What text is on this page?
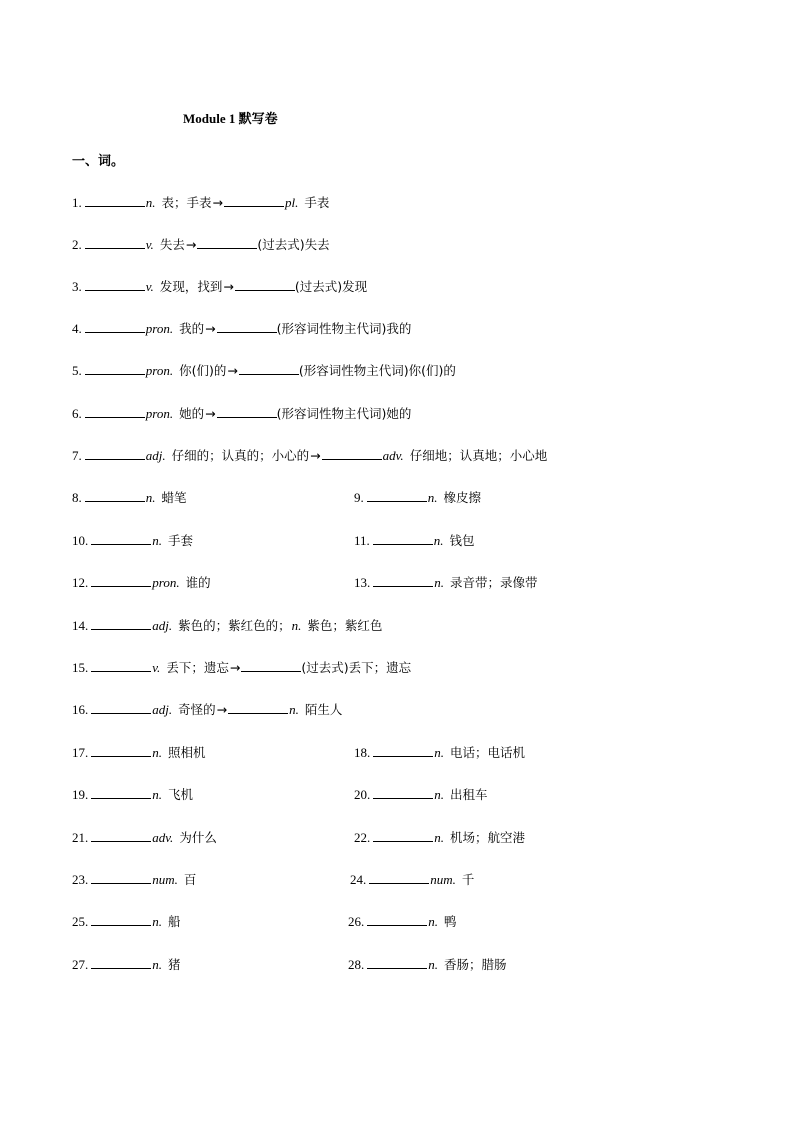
Module 1 默写卷
一、词。
1.	n. 表；手表 →	pl. 手表
2.	v. 失去 →	(过去式)失去
3.	v. 发现，找到 →	(过去式)发现
4.	pron. 我的 →	(形容词性物主代词)我的
5.	pron. 你(们)的 →	(形容词性物主代词)你(们)的
6.	pron. 她的 →	(形容词性物主代词)她的
7.	adj. 仔细的；认真的；小心的 →	adv. 仔细地；认真地；小心地
8.	n. 蜡笔	9.	n. 橡皮擦
10.	n. 手套	11.	n. 钱包
12.	pron. 谁的	13.	n. 录音带；录像带
14.	adj. 紫色的；紫红色的； n. 紫色；紫红色
15.	v. 丢下；遗忘 →	(过去式)丢下；遗忘
16.	adj. 奇怪的 →	n. 陌生人
17.	n. 照相机	18.	n. 电话；电话机
19.	n. 飞机	20.	n. 出租车
21.	adv. 为什么	22.	n. 机场；航空港
23.	num. 百	24.	num. 千
25.	n. 船	26.	n. 鸭
27.	n. 猪	28.	n. 香肠；腊肠
